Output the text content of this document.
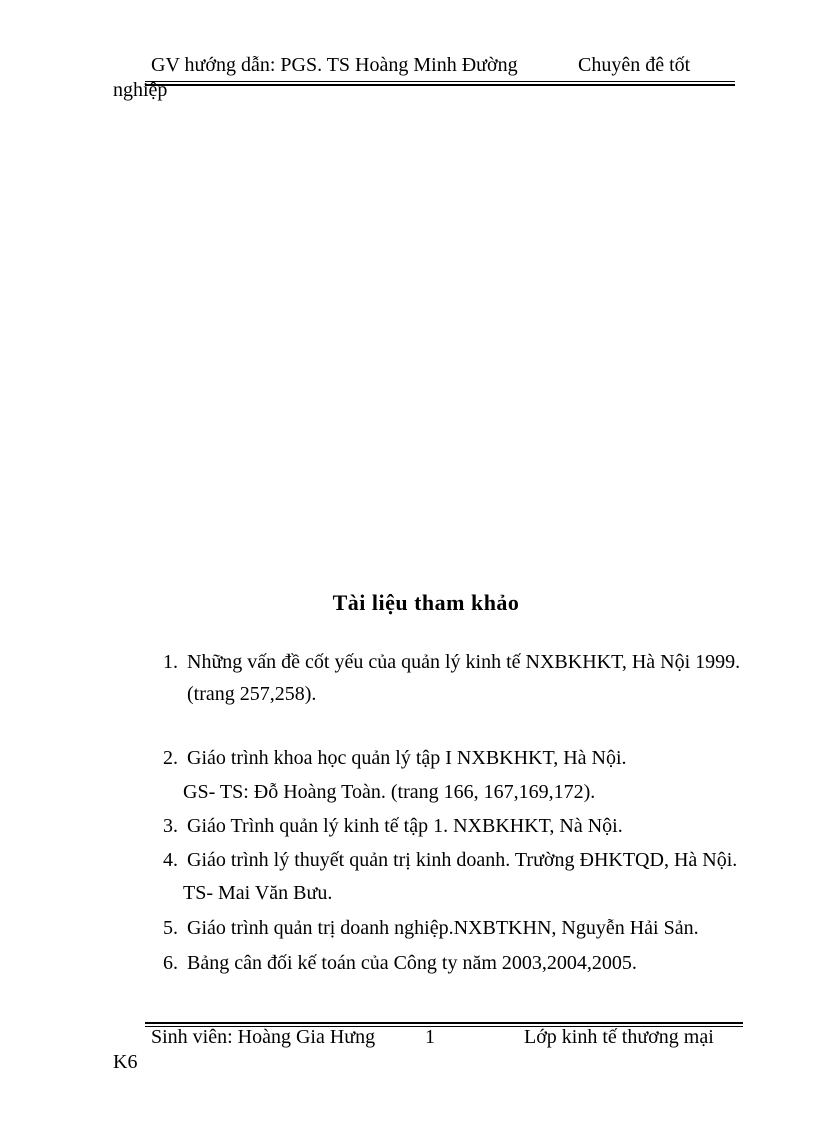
GV hướng dẫn: PGS. TS Hoàng Minh Đường	Chuyên đê tốt
nghiệp
Tài liệu tham khảo
1. Những vấn đề cốt yếu của quản lý kinh tế NXBKHKT, Hà Nội 1999.
(trang 257,258).
2. Giáo trình khoa học quản lý tập I NXBKHKT, Hà Nội.
GS- TS: Đỗ Hoàng Toàn. (trang 166, 167,169,172).
3. Giáo Trình quản lý kinh tế tập 1. NXBKHKT, Nà Nội.
4. Giáo trình lý thuyết quản trị kinh doanh. Trường ĐHKTQD, Hà Nội.
TS- Mai Văn Bưu.
5. Giáo trình quản trị doanh nghiệp.NXBTKHN, Nguyễn Hải Sản.
6. Bảng cân đối kế toán của Công ty năm 2003,2004,2005.
Sinh viên: Hoàng Gia Hưng 1	Lớp kinh tế thương mại
K6
